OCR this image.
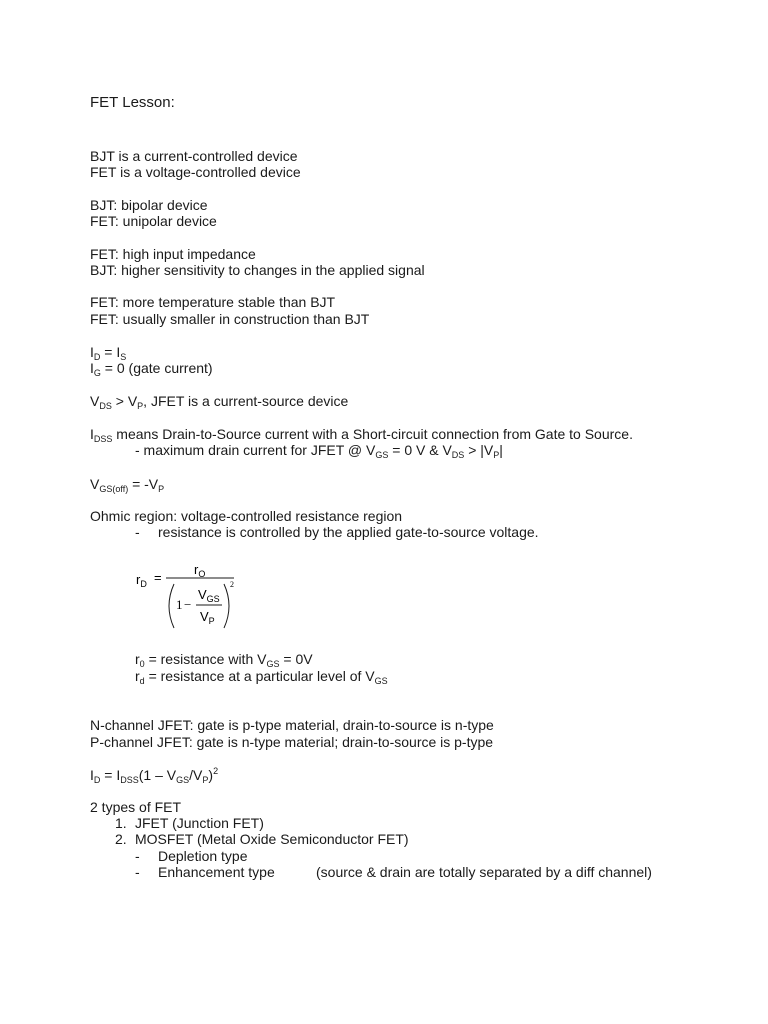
FET Lesson:
BJT is a current-controlled device
FET is a voltage-controlled device
BJT: bipolar device
FET: unipolar device
FET: high input impedance
BJT: higher sensitivity to changes in the applied signal
FET: more temperature stable than BJT
FET: usually smaller in construction than BJT
$I_D = I_S$
$I_G = 0$ (gate current)
$V_{DS} > V_P$, JFET is a current-source device
$I_{DSS}$ means Drain-to-Source current with a Short-circuit connection from Gate to Source.
- maximum drain current for JFET @ $V_{GS} = 0$ V & $V_{DS} > |V_P|$
$V_{GS(off)} = -V_P$
Ohmic region: voltage-controlled resistance region
- resistance is controlled by the applied gate-to-source voltage.
$r_D$ =
$r_O$
1 −
$V_{GS}$
$V_P$
2
$r_0$ = resistance with $V_{GS} = 0V$
$r_d$ = resistance at a particular level of $V_{GS}$
N-channel JFET: gate is p-type material, drain-to-source is n-type
P-channel JFET: gate is n-type material; drain-to-source is p-type
$I_D = I_{DSS}(1 - V_{GS}/V_P)^2$
2 types of FET
1. JFET (Junction FET)
2. MOSFET (Metal Oxide Semiconductor FET)
- Depletion type
- Enhancement type	(source & drain are totally separated by a diff channel)
